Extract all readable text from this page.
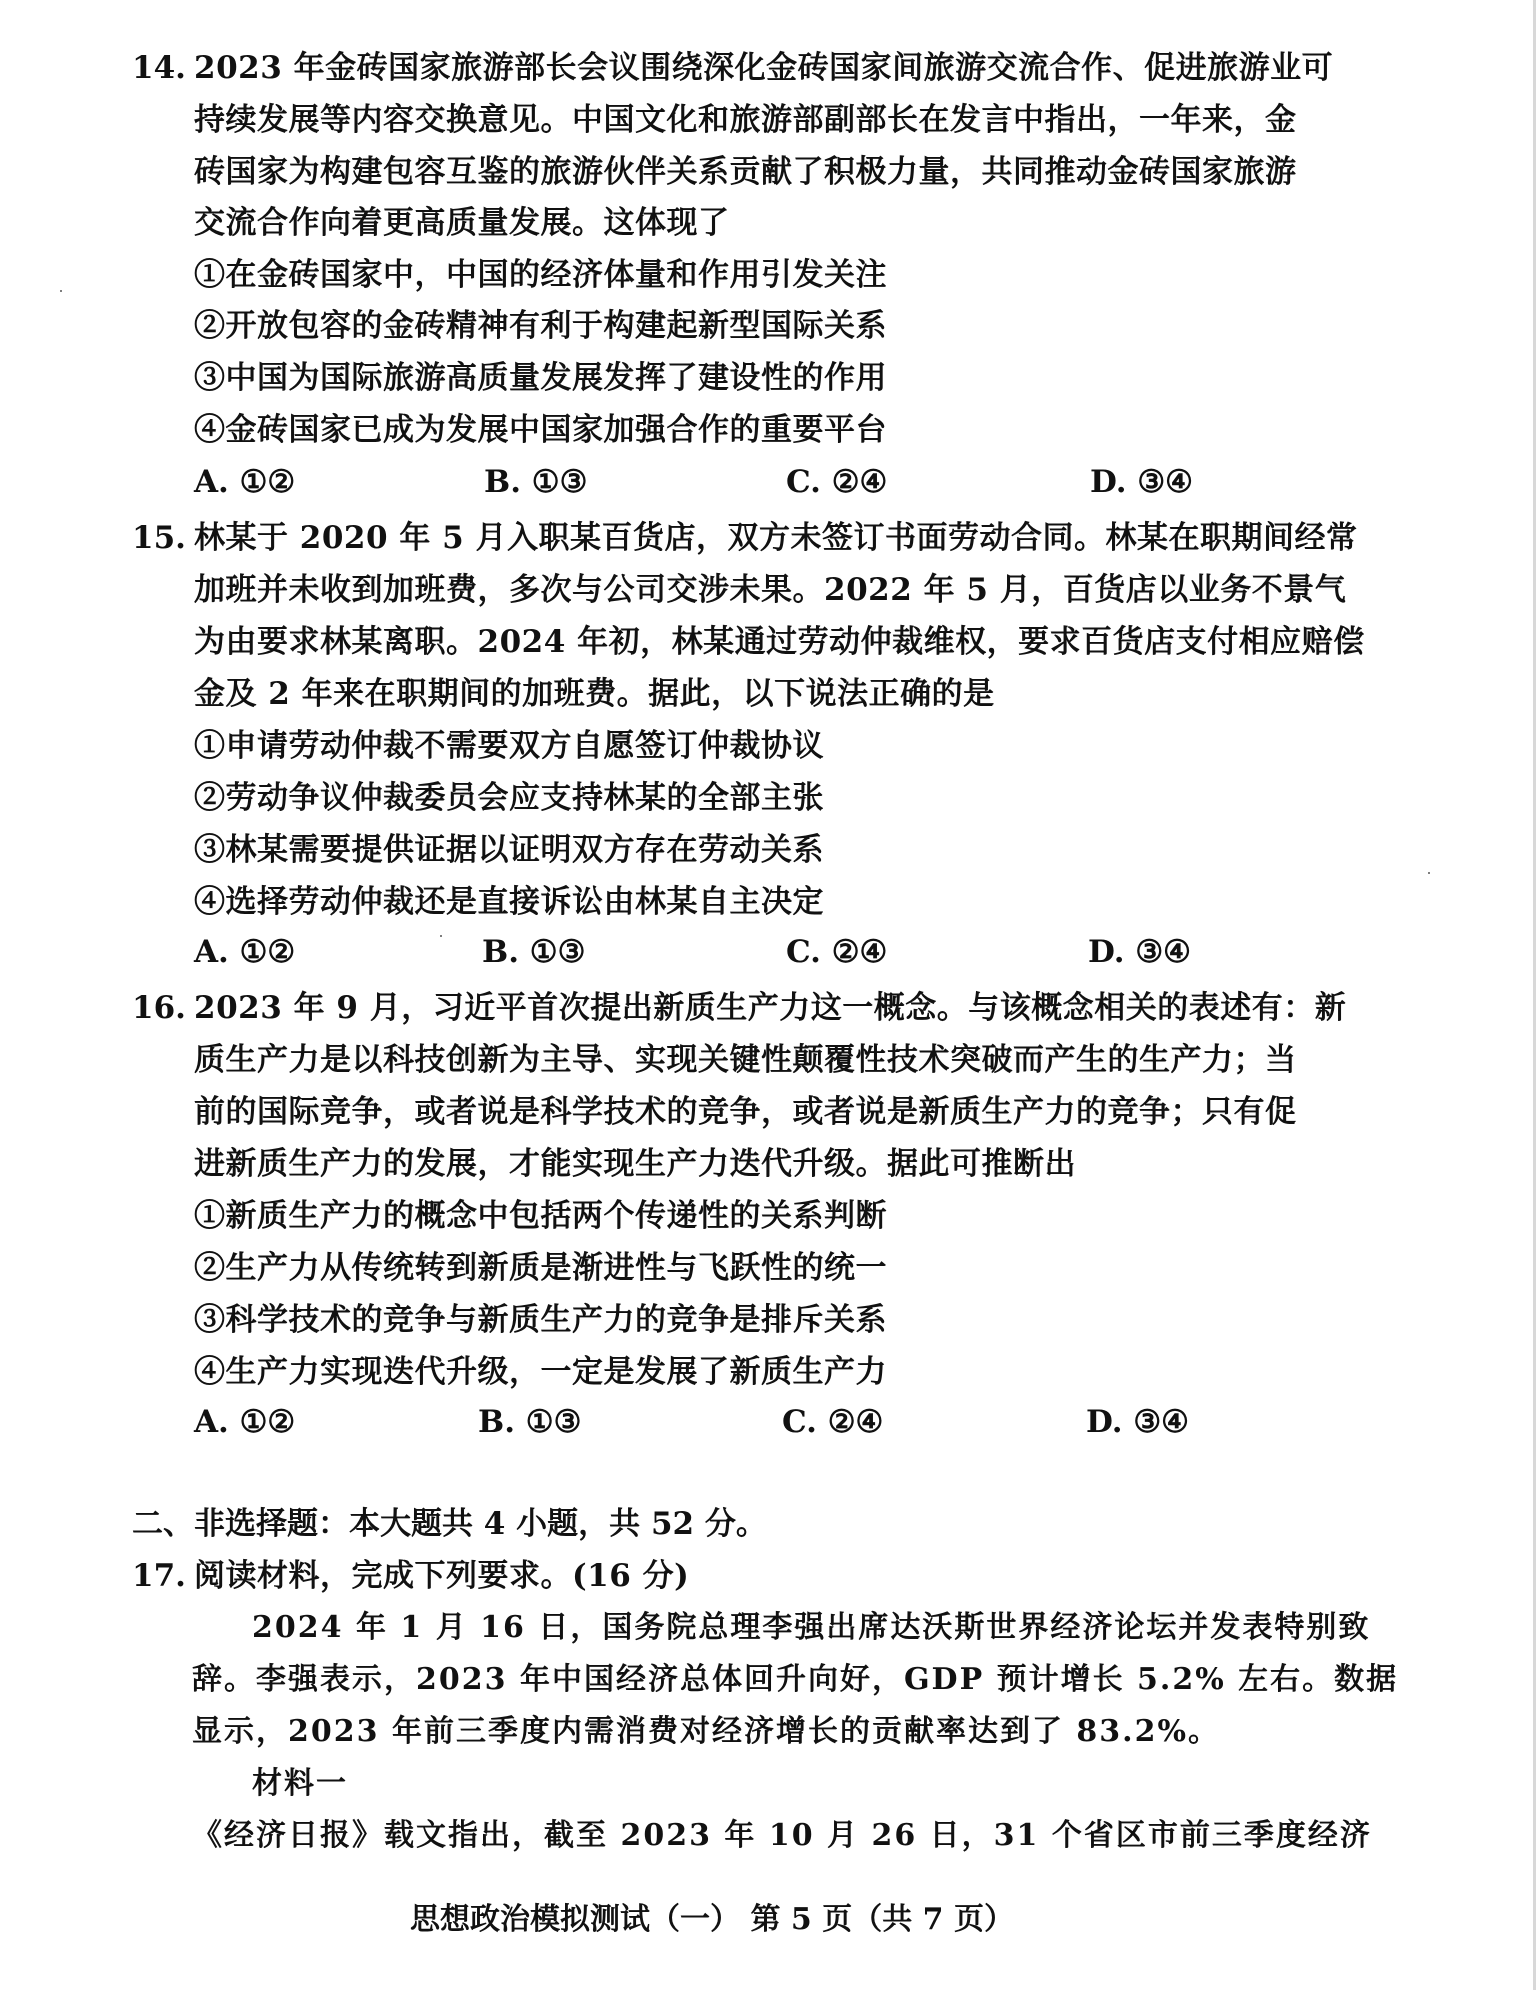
14. 2023 年金砖国家旅游部长会议围绕深化金砖国家间旅游交流合作、促进旅游业可
持续发展等内容交换意见。中国文化和旅游部副部长在发言中指出，一年来，金
砖国家为构建包容互鉴的旅游伙伴关系贡献了积极力量，共同推动金砖国家旅游
交流合作向着更高质量发展。这体现了
①在金砖国家中，中国的经济体量和作用引发关注
②开放包容的金砖精神有利于构建起新型国际关系
③中国为国际旅游高质量发展发挥了建设性的作用
④金砖国家已成为发展中国家加强合作的重要平台
A. ①②	B. ①③	C. ②④	D. ③④
15. 林某于 2020 年 5 月入职某百货店，双方未签订书面劳动合同。林某在职期间经常
加班并未收到加班费，多次与公司交涉未果。2022 年 5 月，百货店以业务不景气
为由要求林某离职。2024 年初，林某通过劳动仲裁维权，要求百货店支付相应赔偿
金及 2 年来在职期间的加班费。据此，以下说法正确的是
①申请劳动仲裁不需要双方自愿签订仲裁协议
②劳动争议仲裁委员会应支持林某的全部主张
③林某需要提供证据以证明双方存在劳动关系
④选择劳动仲裁还是直接诉讼由林某自主决定
A. ①②	B. ①③	C. ②④	D. ③④
16. 2023 年 9 月，习近平首次提出新质生产力这一概念。与该概念相关的表述有：新
质生产力是以科技创新为主导、实现关键性颠覆性技术突破而产生的生产力；当
前的国际竞争，或者说是科学技术的竞争，或者说是新质生产力的竞争；只有促
进新质生产力的发展，才能实现生产力迭代升级。据此可推断出
①新质生产力的概念中包括两个传递性的关系判断
②生产力从传统转到新质是渐进性与飞跃性的统一
③科学技术的竞争与新质生产力的竞争是排斥关系
④生产力实现迭代升级，一定是发展了新质生产力
A. ①②	B. ①③	C. ②④	D. ③④
二、非选择题：本大题共 4 小题，共 52 分。
17. 阅读材料，完成下列要求。(16 分)
2024 年 1 月 16 日，国务院总理李强出席达沃斯世界经济论坛并发表特别致
辞。李强表示，2023 年中国经济总体回升向好，GDP 预计增长 5.2% 左右。数据
显示，2023 年前三季度内需消费对经济增长的贡献率达到了 83.2%。
材料一
《经济日报》载文指出，截至 2023 年 10 月 26 日，31 个省区市前三季度经济
思想政治模拟测试（一） 第 5 页（共 7 页）
